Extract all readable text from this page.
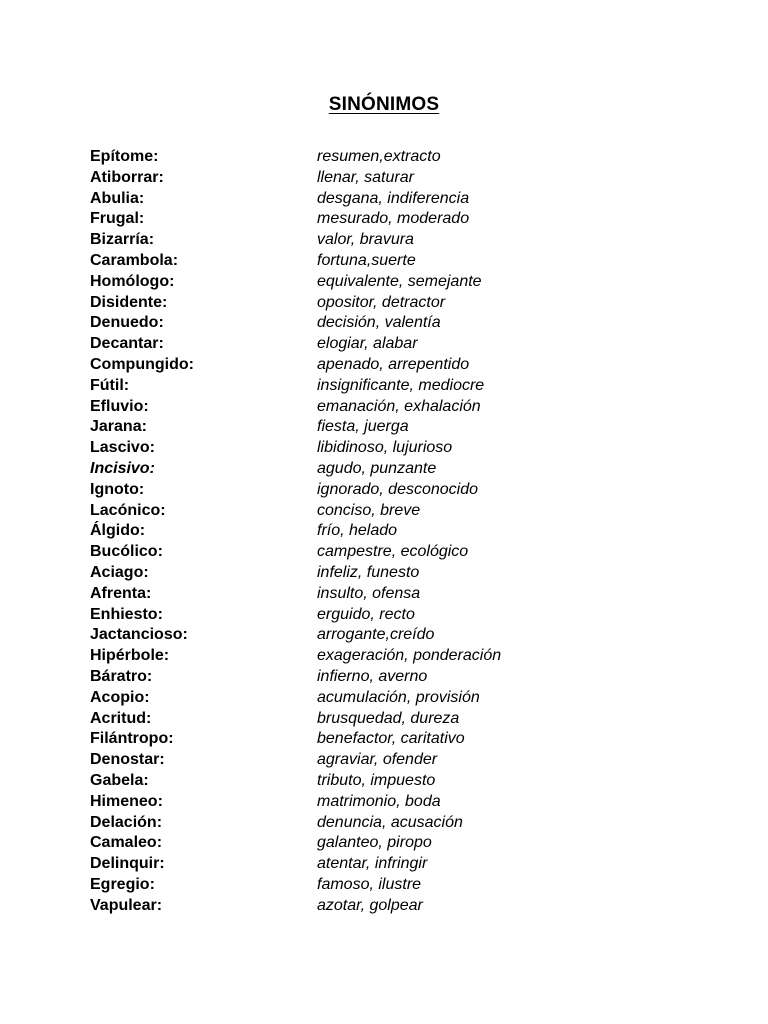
SINÓNIMOS
Epítome:	resumen,extracto
Atiborrar:	llenar, saturar
Abulia:	desgana, indiferencia
Frugal:	mesurado, moderado
Bizarría:	valor, bravura
Carambola:	fortuna,suerte
Homólogo:	equivalente, semejante
Disidente:	opositor, detractor
Denuedo:	decisión, valentía
Decantar:	elogiar, alabar
Compungido:	apenado, arrepentido
Fútil:	insignificante, mediocre
Efluvio:	emanación, exhalación
Jarana:	fiesta, juerga
Lascivo:	libidinoso, lujurioso
Incisivo:	agudo, punzante
Ignoto:	ignorado, desconocido
Lacónico:	conciso, breve
Álgido:	frío, helado
Bucólico:	campestre, ecológico
Aciago:	infeliz, funesto
Afrenta:	insulto, ofensa
Enhiesto:	erguido, recto
Jactancioso:	arrogante,creído
Hipérbole:	exageración, ponderación
Báratro:	infierno, averno
Acopio:	acumulación, provisión
Acritud:	brusquedad, dureza
Filántropo:	benefactor, caritativo
Denostar:	agraviar, ofender
Gabela:	tributo, impuesto
Himeneo:	matrimonio, boda
Delación:	denuncia, acusación
Camaleo:	galanteo, piropo
Delinquir:	atentar, infringir
Egregio:	famoso, ilustre
Vapulear:	azotar, golpear
